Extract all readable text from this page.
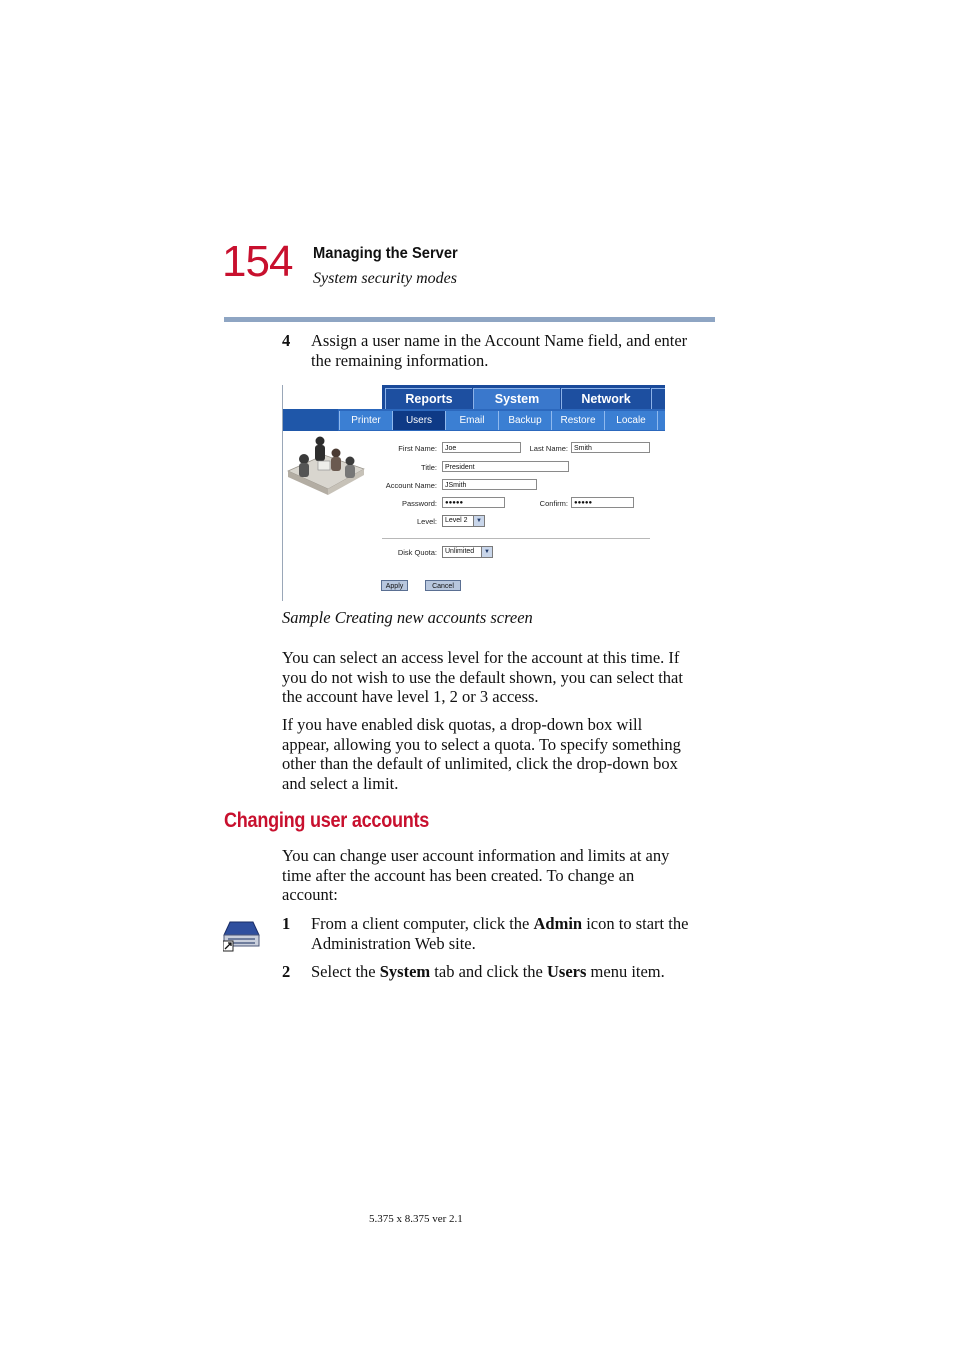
154 Managing the Server
System security modes
4 Assign a user name in the Account Name field, and enter
the remaining information.
Reports	System	Network
Printer	Users	Email	Backup	Restore	Locale
First Name:	Joe	Last Name: Smith
Title:	President
Account Name:	JSmith
Password:	●●●●●	Confirm:	●●●●●
Level:	Level 2	▼
Disk Quota:	Unlimited	▼
Apply	Cancel
Sample Creating new accounts screen
You can select an access level for the account at this time. If
you do not wish to use the default shown, you can select that
the account have level 1, 2 or 3 access.
If you have enabled disk quotas, a drop-down box will
appear, allowing you to select a quota. To specify something
other than the default of unlimited, click the drop-down box
and select a limit.
Changing user accounts
You can change user account information and limits at any
time after the account has been created. To change an
account:
1 From a client computer, click the Admin icon to start the
Administration Web site.
2 Select the System tab and click the Users menu item.
5.375 x 8.375 ver 2.1
